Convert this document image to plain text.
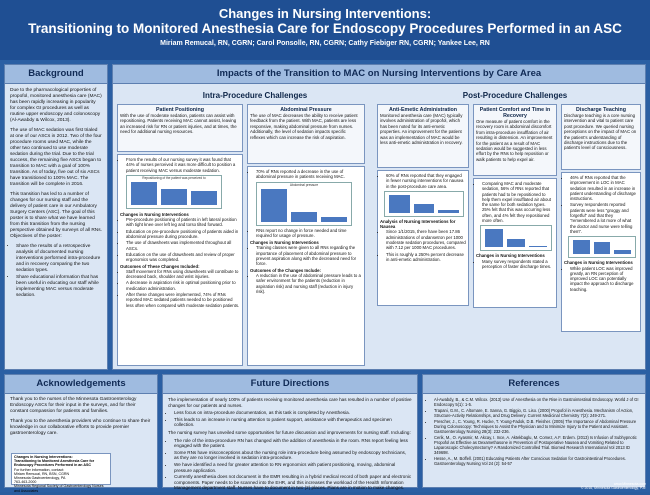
Changes in Nursing Interventions:
Transitioning to Monitored Anesthesia Care for Endoscopy Procedures Performed in an ASC
Miriam Remucal, RN, CGRN; Carol Ponsolle, RN, CGRN; Cathy Fiebiger RN, CGRN; Yankee Lee, RN
Background

Due to the pharmacological properties of propofol, monitored anesthesia care (MAC) has been rapidly increasing in popularity for complex GI procedures as well as routine upper endoscopy and colonoscopy (Al-Awabdy & Wilcox, 2013).

The use of MAC sedation was first trialed at one of our ASCs in 2012. Two of the four procedure rooms used MAC, while the other two continued to use moderate sedation during the trial. Due to the trial success, the remaining five ASCs began to transition to MAC with a goal of 100% transition. As of today, five out of six ASCs have transitioned to 100% MAC. The transition will be complete in 2016.

This transition has led to a number of changes for our nursing staff and the delivery of patient care in our Ambulatory Surgery Centers (ASC). The goal of this poster is to share what we have learned from this transition from the nursing perspective obtained by surveys of all RNs. Objectives of the poster:

• Share the results of a retrospective analysis of documented nursing interventions performed intra-procedure and in recovery comparing the two sedation types.
• Share educational information that has been useful in educating our staff while implementing MAC versus moderate sedation.
Impacts of the Transition to MAC on Nursing Interventions by Care Area
Intra-Procedure Challenges	Post-Procedure Challenges
Patient Positioning
With the use of moderate sedation, patients can assist with repositioning. Patients receiving MAC cannot assist, leaving an increased risk for RN or patient injuries, and at times, the need for additional nursing resources.
• From the results of our nursing survey it was found that 44% of nurses perceived it was more difficult to position a patient receiving MAC versus moderate sedation.
Repositioning of the patient was perceived to
Changes in Nursing Interventions
• Pre-procedure positioning of patients in left lateral position with tight knee over left leg and torso tilted forward.
• Education on pre-procedure positioning of patients aided in abdominal pressure during procedure.
• The use of drawsheets was implemented throughout all ASCs.
• Education on the use of drawsheets and review of proper ergonomics was completed.
Outcomes of These Changes Included:
• Staff movement for RNs using drawsheets will contribute to decreased back, shoulder and wrist injuries.
• A decrease in aspiration risk in optimal positioning prior to medication administration.
• After these changes were implemented, 74% of RNs reported MAC sedated patients needed to be positioned less often when compared with moderate sedation patients.
Abdominal Pressure
The use of MAC decreases the ability to receive patient feedback from the patient. With MAC, patients are less responsive, making abdominal pressure from nurses. Additionally, the level of sedation impacts specific reflexes which can increase the risk of aspiration.
• 70% of RNs reported a decrease in the use of abdominal pressure in patients receiving MAC.
Abdominal pressure
• RNs report no change in force needed and time required for usage of pressure.
Changes in Nursing Interventions
• Training classes were given to all RNs regarding the importance of placement of abdominal pressure to prevent aspiration along with the decreased need for force.
Outcomes of the Changes Include:
• A reduction in the use of abdominal pressure leads to a safer environment for the patients (reduction in aspiration risk) and nursing staff (reduction in injury risk).
Anti-Emetic Administration
Monitored anesthesia care (MAC) typically involves administration of propofol, which has been noted for its anti-emetic properties. An improvement for the patient was an implementation of MAC would be less anti-emetic administration in recovery.
• 60% of RNs reported that they engaged in fewer nursing interventions for nausea in the post-procedure care area.
Analysis of Nursing Interventions for Nausea
• Since 1/1/2015, there have been 17.86 administrations of ondansetron per 1000 moderate sedation procedures, compared with 7.12 per 1000 MAC procedures.
• This is roughly a 250% percent decrease in anti-emetic administration.
Patient Comfort and Time in Recovery
One measure of patient comfort in the recovery room is abdominal discomfort from intra-procedure insufflation of air resulting in distension. An improvement for the patient as a result of MAC sedation would be suggested in less effort by the RNs to help reposition or walk patients to help expel air.
• Comparing MAC and moderate sedation, 56% of RNs reported that patients had to be repositioned to help them expel insufflated air about the same for both sedation types. 25% felt that this was occurring less often, and 4% felt they repositioned more often.
Changes in Nursing Interventions
• Many survey respondents stated a perception of faster discharge times.
Discharge Teaching
Discharge teaching is a core nursing intervention and vital to patient care post procedure. We queried nursing perceptions on the impact of MAC on the patient's understanding of discharge instructions due to the patient's level of consciousness.
• 46% of RNs reported that the improvement in LOC in MAC sedation resulted in an increase in patient understanding of discharge instructions.
• Survey respondents reported patients were less "groggy and forgetful" and that they "remembered a lot more of what the doctor and nurse were telling them".
Changes in Nursing Interventions
• While patient LOC was improved greatly, an RN perception of improved LOC can potentially impact the approach to discharge teaching.
Acknowledgements

Thank you to the nurses of the Minnesota Gastroenterology Endoscopy ASCs for their input in the surveys, and for their constant compassion for patients and families.

Thank you to the anesthesia providers who continue to share their knowledge in our collaborative efforts to provide premier gastroenterology care.

Changes in Nursing Interventions:
Transitioning to Monitored Anesthesia Care for Endoscopy Procedures Performed in an ASC
For further information, contact:
Miriam Remucal, RN, BSN, CGRN
Minnesota Gastroenterology, PA
763-463-2000
Minnesota Regional Society of Gastroenterology Nurses and Associates
Future Directions

The implementation of nearly 100% of patients receiving monitored anesthesia care has resulted in a number of positive changes for our patients and nurses.

• Less focus on intra-procedure documentation, as this task is completed by Anesthesia.
• This leads to an increase in nursing attention to patient support, assistance with therapeutics and specimen collection.

The nursing survey has unveiled some opportunities for future discussion and improvements for nursing staff. Including:

• The role of the intra-procedure RN has changed with the addition of anesthesia in the room. RNs report feeling less engaged with the patient.
• Some RNs have misconceptions about the nursing role intra-procedure being assumed by endoscopy technicians, as they are no longer involved in sedation intra-procedure.
• We have identified a need for greater attention to RN ergonomics with patient positioning, moving, abdominal pressure application.
• Currently anesthesia does not document in the EMR resulting in a hybrid medical record of both paper and electronic components. Paper needs to be scanned into the EHR, and this increases the workload of the Health Information Management department staff. Nurses have to document in two (2) places. Plans are in motion to make changes.
References
• Al-Awabdy, B., & C.M. Wilcox. (2013) Use of Anesthesia on the Rise in Gastrointestinal Endoscopy. World J of GI Endoscopy 5(1): 1-5.
• Trapani, G.M., C. Altomare, E. Sanna, G. Biggio, G. Liso. (2000) Propofol in Anesthesia. Mechanism of Action, Structure-Activity Relationships, and Drug Delivery. Current Medicinal Chemistry 7(2): 249-271.
• Prescher, J., C. Young, R. Hucke, T. Young-Fadok, D.B. Fleisher. (2005) The Importance of Abdominal Pressure During Colonoscopy: Techniques to Assist the Physician and to Minimize Injury to the Patient and Assistant. Gastroenterology Nursing 28(3): 232-236.
• Cerik, M., O. Ayasmir, M. Akcay, I. Ince, A. Aktekbaglu, M. Comez, A.F. Erdem. (2013) Is Infusion of Subhypnotic Propofol as Effective as Dexamethasone in Prevention of Postoperative Nausea and Vomiting Related to Laparoscopic Cholecystectomy? A Randomized Controlled Trial. Biomed Research International Vol 2013 ID 349698.
• Hesse, A., M. Boffell. (2001) Educating Patients After Conscious Sedation for Gastrointestinal Procedures. Gastroenterology Nursing Vol 24 (2): 54-57
www.Minnesota.com
© 2016, Minnesota Gastroenterology, P.A.
